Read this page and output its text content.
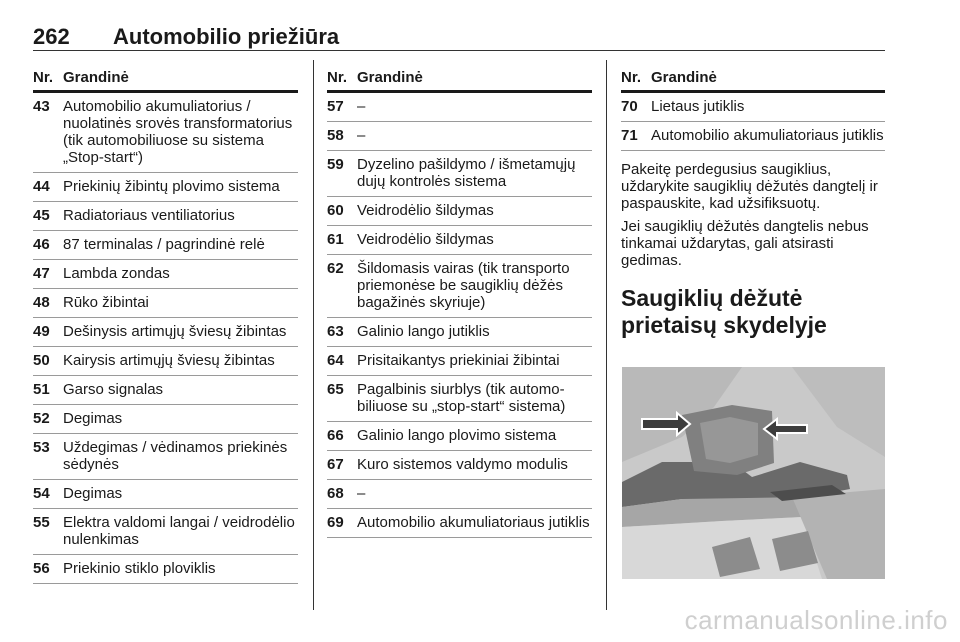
262 Automobilio priežiūra
Nr. Grandinė
43 Automobilio akumuliatorius / nuolatinės srovės transformatorius (tik automobiliuose su sistema „Stop-start“)
44 Priekinių žibintų plovimo sistema
45 Radiatoriaus ventiliatorius
46 87 terminalas / pagrindinė relė
47 Lambda zondas
48 Rūko žibintai
49 Dešinysis artimųjų šviesų žibintas
50 Kairysis artimųjų šviesų žibintas
51 Garso signalas
52 Degimas
53 Uždegimas / vėdinamos priekinės sėdynės
54 Degimas
55 Elektra valdomi langai / veidrodėlio nulenkimas
56 Priekinio stiklo ploviklis
Nr. Grandinė
57 –
58 –
59 Dyzelino pašildymo / išmetamųjų dujų kontrolės sistema
60 Veidrodėlio šildymas
61 Veidrodėlio šildymas
62 Šildomasis vairas (tik transporto priemonėse be saugiklių dėžės bagažinės skyriuje)
63 Galinio lango jutiklis
64 Prisitaikantys priekiniai žibintai
65 Pagalbinis siurblys (tik automobiliuose su „stop-start“ sistema)
66 Galinio lango plovimo sistema
67 Kuro sistemos valdymo modulis
68 –
69 Automobilio akumuliatoriaus jutiklis
Nr. Grandinė
70 Lietaus jutiklis
71 Automobilio akumuliatoriaus jutiklis
Pakeitę perdegusius saugiklius, uždarykite saugiklių dėžutės dangtelį ir paspauskite, kad užsifiksuotų.
Jei saugiklių dėžutės dangtelis nebus tinkamai uždarytas, gali atsirasti gedimas.
Saugiklių dėžutė prietaisų skydelyje
carmanualsonline.info
